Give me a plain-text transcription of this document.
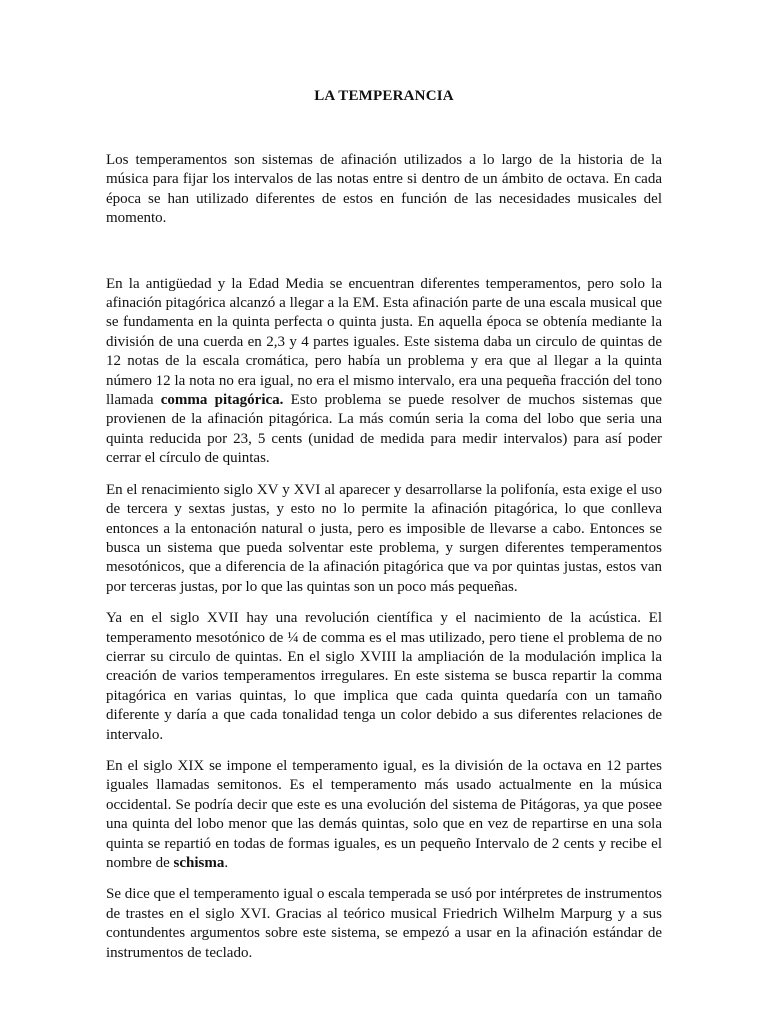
LA TEMPERANCIA

Los temperamentos son sistemas de afinación utilizados a lo largo de la historia de la música para fijar los intervalos de las notas entre si dentro de un ámbito de octava. En cada época se han utilizado diferentes de estos en función de las necesidades musicales del momento.

En la antigüedad y la Edad Media se encuentran diferentes temperamentos, pero solo la afinación pitagórica alcanzó a llegar a la EM. Esta afinación parte de una escala musical que se fundamenta en la quinta perfecta o quinta justa. En aquella época se obtenía mediante la división de una cuerda en 2,3 y 4 partes iguales. Este sistema daba un circulo de quintas de 12 notas de la escala cromática, pero había un problema y era que al llegar a la quinta número 12 la nota no era igual, no era el mismo intervalo, era una pequeña fracción del tono llamada comma pitagórica. Esto problema se puede resolver de muchos sistemas que provienen de la afinación pitagórica. La más común seria la coma del lobo que seria una quinta reducida por 23, 5 cents (unidad de medida para medir intervalos) para así poder cerrar el círculo de quintas.

En el renacimiento siglo XV y XVI al aparecer y desarrollarse la polifonía, esta exige el uso de tercera y sextas justas, y esto no lo permite la afinación pitagórica, lo que conlleva entonces a la entonación natural o justa, pero es imposible de llevarse a cabo. Entonces se busca un sistema que pueda solventar este problema, y surgen diferentes temperamentos mesotónicos, que a diferencia de la afinación pitagórica que va por quintas justas, estos van por terceras justas, por lo que las quintas son un poco más pequeñas.

Ya en el siglo XVII hay una revolución científica y el nacimiento de la acústica. El temperamento mesotónico de ¼ de comma es el mas utilizado, pero tiene el problema de no cierrar su circulo de quintas. En el siglo XVIII la ampliación de la modulación implica la creación de varios temperamentos irregulares. En este sistema se busca repartir la comma pitagórica en varias quintas, lo que implica que cada quinta quedaría con un tamaño diferente y daría a que cada tonalidad tenga un color debido a sus diferentes relaciones de intervalo.

En el siglo XIX se impone el temperamento igual, es la división de la octava en 12 partes iguales llamadas semitonos. Es el temperamento más usado actualmente en la música occidental. Se podría decir que este es una evolución del sistema de Pitágoras, ya que posee una quinta del lobo menor que las demás quintas, solo que en vez de repartirse en una sola quinta se repartió en todas de formas iguales, es un pequeño Intervalo de 2 cents y recibe el nombre de schisma.

Se dice que el temperamento igual o escala temperada se usó por intérpretes de instrumentos de trastes en el siglo XVI. Gracias al teórico musical Friedrich Wilhelm Marpurg y a sus contundentes argumentos sobre este sistema, se empezó a usar en la afinación estándar de instrumentos de teclado.
